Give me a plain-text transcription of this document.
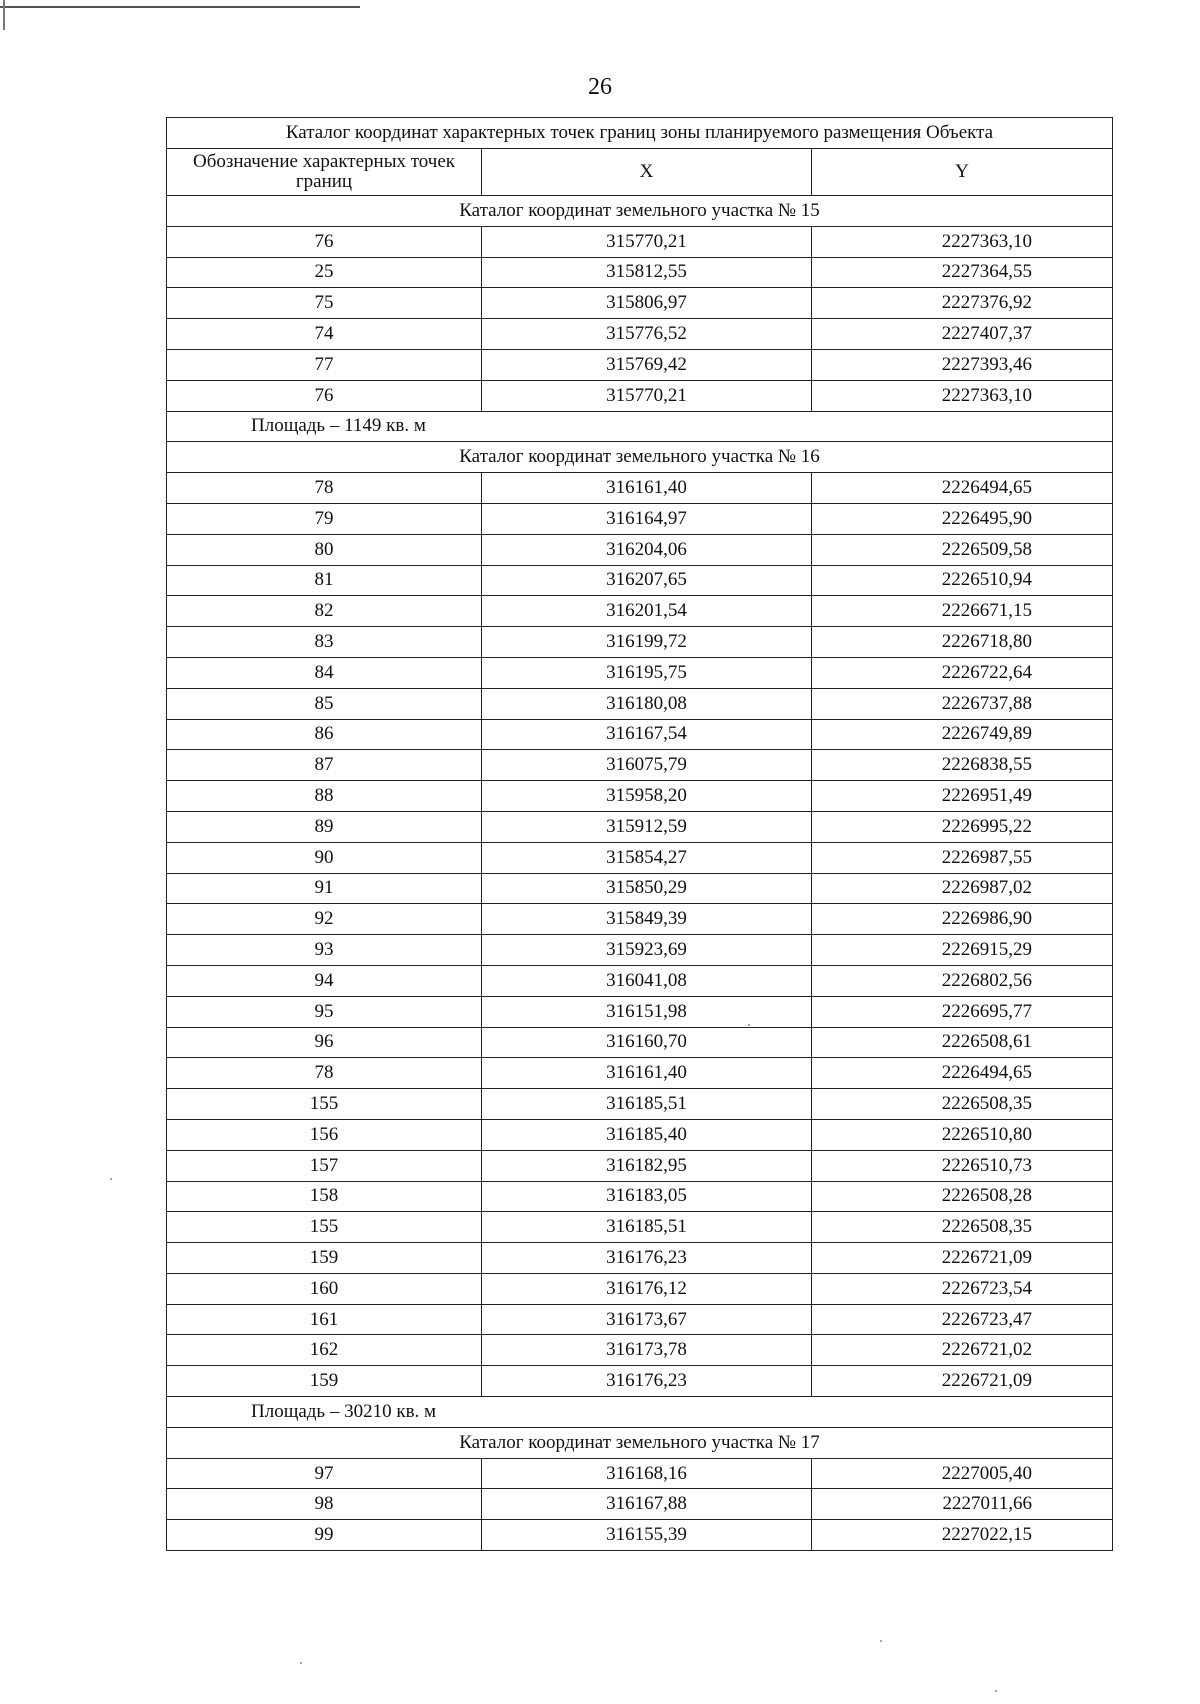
26
Каталог координат характерных точек границ зоны планируемого размещения Объекта		
Обозначение характерных точек границ	X	Y
Каталог координат земельного участка № 15		
76	315770,21	2227363,10
25	315812,55	2227364,55
75	315806,97	2227376,92
74	315776,52	2227407,37
77	315769,42	2227393,46
76	315770,21	2227363,10
Площадь – 1149 кв. м		
Каталог координат земельного участка № 16		
78	316161,40	2226494,65
79	316164,97	2226495,90
80	316204,06	2226509,58
81	316207,65	2226510,94
82	316201,54	2226671,15
83	316199,72	2226718,80
84	316195,75	2226722,64
85	316180,08	2226737,88
86	316167,54	2226749,89
87	316075,79	2226838,55
88	315958,20	2226951,49
89	315912,59	2226995,22
90	315854,27	2226987,55
91	315850,29	2226987,02
92	315849,39	2226986,90
93	315923,69	2226915,29
94	316041,08	2226802,56
95	316151,98	2226695,77
96	316160,70	2226508,61
78	316161,40	2226494,65
155	316185,51	2226508,35
156	316185,40	2226510,80
157	316182,95	2226510,73
158	316183,05	2226508,28
155	316185,51	2226508,35
159	316176,23	2226721,09
160	316176,12	2226723,54
161	316173,67	2226723,47
162	316173,78	2226721,02
159	316176,23	2226721,09
Площадь – 30210 кв. м		
Каталог координат земельного участка № 17		
97	316168,16	2227005,40
98	316167,88	2227011,66
99	316155,39	2227022,15
